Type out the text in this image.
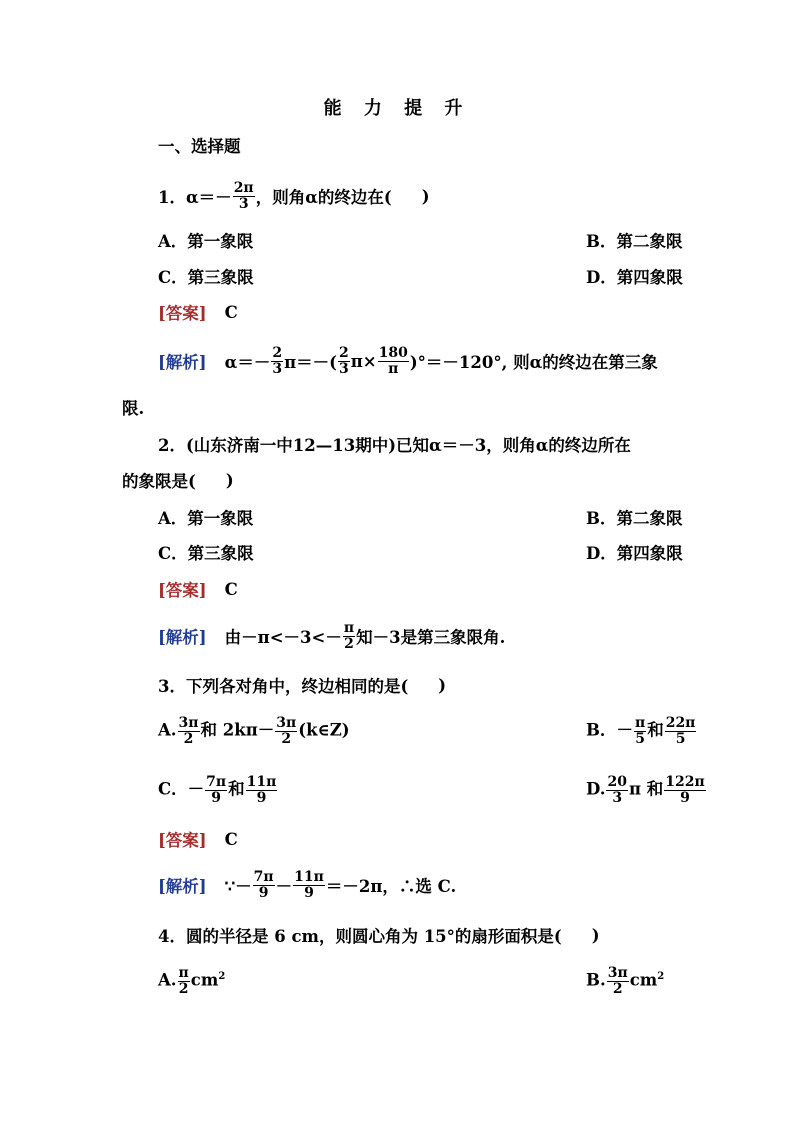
能 力 提 升
一、选择题
1． $\alpha=- \frac{2\pi}{3}$ ，则角α的终边在( )
A．第一象限	B．第二象限
C．第三象限	D．第四象限
[答案] C
[解析] $\alpha=- \frac{2}{3} \pi=-( \frac{2}{3} \pi\times \frac{180}{\pi} )^\circ=-120^\circ$, 则α的终边在第三象
限.
2．(山东济南一中12—13期中)已知α＝－3，则角α的终边所在
的象限是( )
A．第一象限	B．第二象限
C．第三象限	D．第四象限
[答案] C
[解析] 由$-\pi<-3<- \frac{\pi}{2}$ 知－3是第三象限角.
3．下列各对角中，终边相同的是( )
A. $\frac{3\pi}{2}$ 和 $2k\pi- \frac{3\pi}{2}$ (k∈Z)	B．－ $\frac{\pi}{5}$ 和 $\frac{22\pi}{5}$
C．－ $\frac{7\pi}{9}$ 和 $\frac{11\pi}{9}$	D. $\frac{20}{3}$ π 和 $\frac{122\pi}{9}$
[答案] C
[解析] ∵－ $\frac{7\pi}{9} - \frac{11\pi}{9} =-2\pi$，∴选 C.
4．圆的半径是 6 cm，则圆心角为 15°的扇形面积是( )
A. $\frac{\pi}{2} cm^2$	B. $\frac{3\pi}{2} cm^2$
